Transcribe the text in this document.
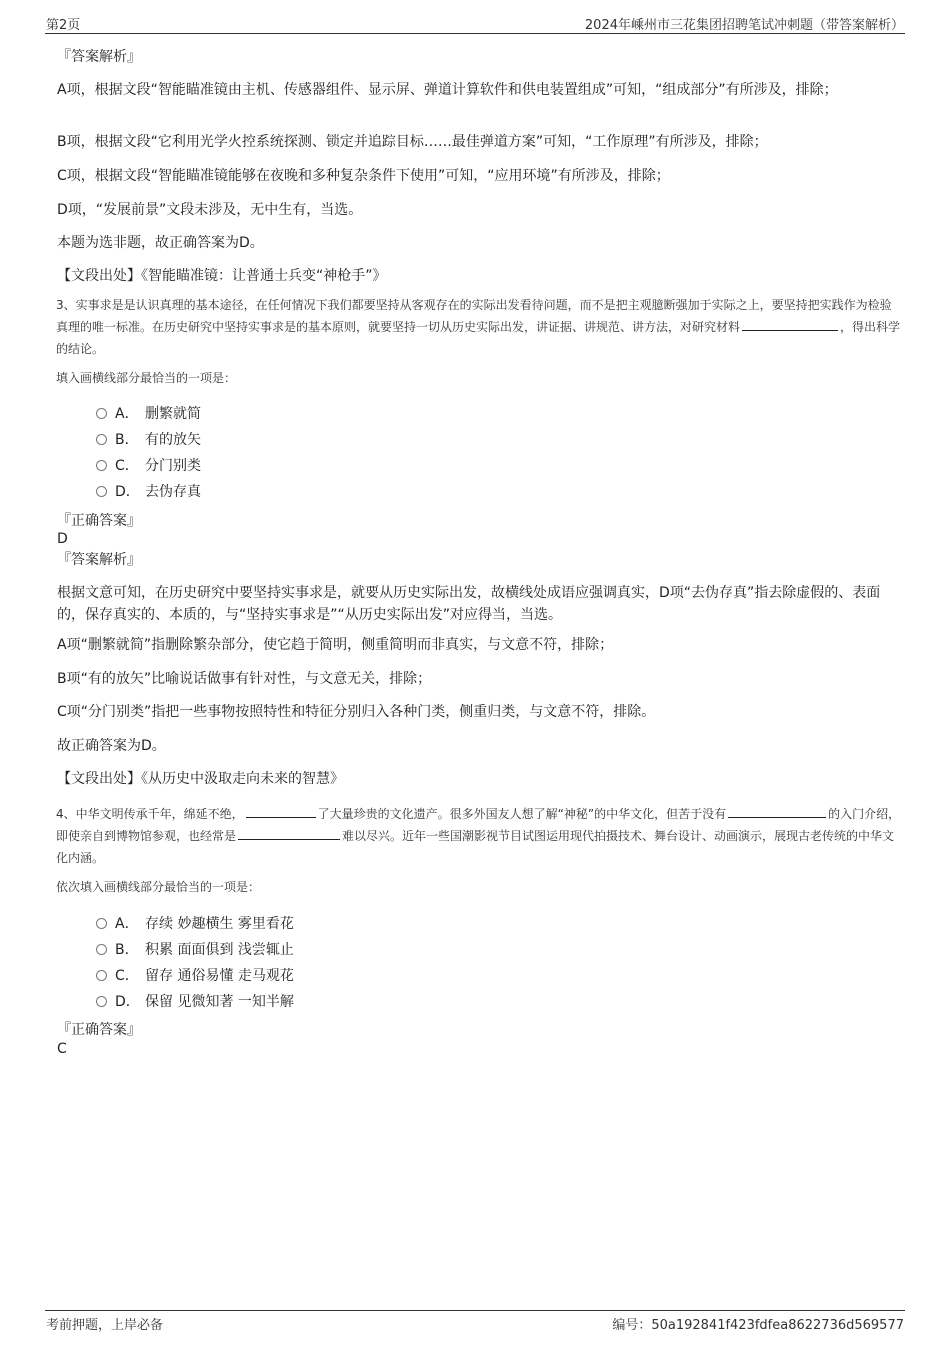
第2页	2024年嵊州市三花集团招聘笔试冲刺题（带答案解析）
『答案解析』
A项，根据文段“智能瞄准镜由主机、传感器组件、显示屏、弹道计算软件和供电装置组成”可知，“组成部分”有所涉及，排除；
B项，根据文段“它利用光学火控系统探测、锁定并追踪目标……最佳弹道方案”可知，“工作原理”有所涉及，排除；
C项，根据文段“智能瞄准镜能够在夜晚和多种复杂条件下使用”可知，“应用环境”有所涉及，排除；
D项，“发展前景”文段未涉及，无中生有，当选。
本题为选非题，故正确答案为D。
【文段出处】《智能瞄准镜：让普通士兵变“神枪手”》
3、实事求是是认识真理的基本途径，在任何情况下我们都要坚持从客观存在的实际出发看待问题，而不是把主观臆断强加于实际之上，要坚持把实践作为检验真理的唯一标准。在历史研究中坚持实事求是的基本原则，就要坚持一切从历史实际出发，讲证据、讲规范、讲方法，对研究材料	，得出科学的结论。
填入画横线部分最恰当的一项是：
A． 删繁就简
B． 有的放矢
C． 分门别类
D． 去伪存真
『正确答案』
D
『答案解析』
根据文意可知，在历史研究中要坚持实事求是，就要从历史实际出发，故横线处成语应强调真实，D项“去伪存真”指去除虚假的、表面的，保存真实的、本质的，与“坚持实事求是”“从历史实际出发”对应得当，当选。
A项“删繁就简”指删除繁杂部分，使它趋于简明，侧重简明而非真实，与文意不符，排除；
B项“有的放矢”比喻说话做事有针对性，与文意无关，排除；
C项“分门别类”指把一些事物按照特性和特征分别归入各种门类，侧重归类，与文意不符，排除。
故正确答案为D。
【文段出处】《从历史中汲取走向未来的智慧》
4、中华文明传承千年，绵延不绝，	了大量珍贵的文化遗产。很多外国友人想了解“神秘”的中华文化，但苦于没有	的入门介绍，即使亲自到博物馆参观，也经常是	难以尽兴。近年一些国潮影视节目试图运用现代拍摄技术、舞台设计、动画演示，展现古老传统的中华文化内涵。
依次填入画横线部分最恰当的一项是：
A． 存续 妙趣横生 雾里看花
B． 积累 面面俱到 浅尝辄止
C． 留存 通俗易懂 走马观花
D． 保留 见微知著 一知半解
『正确答案』
C
考前押题，上岸必备	编号：50a192841f423fdfea8622736d569577
